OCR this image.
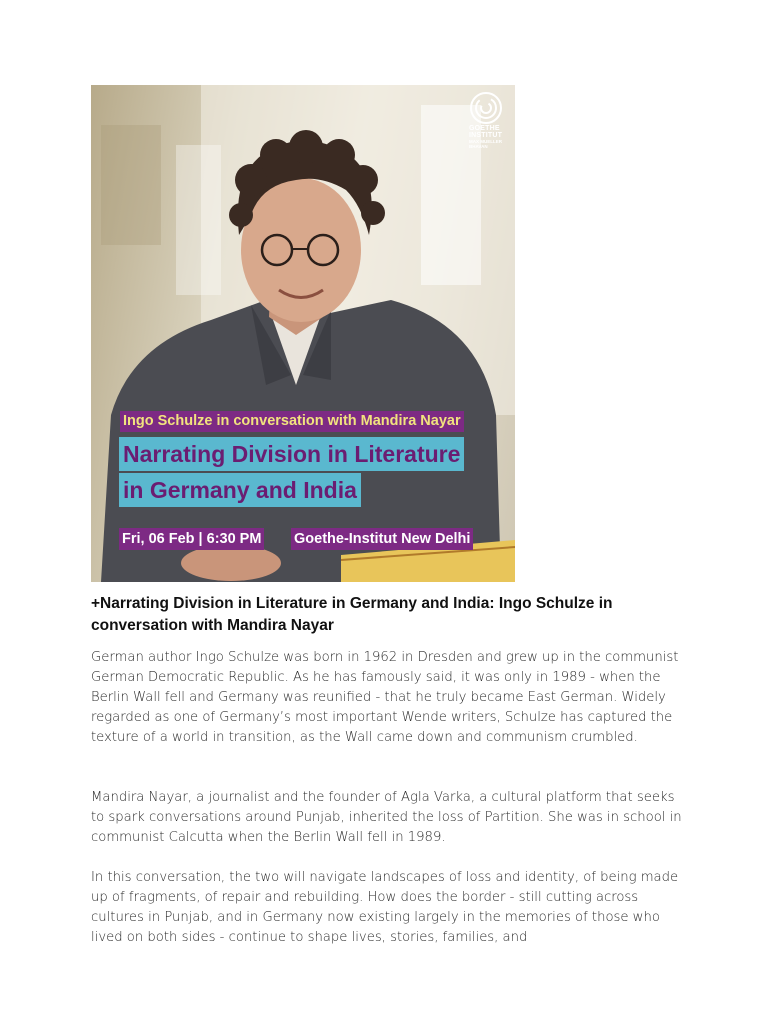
GOETHE
INSTITUT
MAX MUELLER
BHAVAN
Ingo Schulze in conversation with Mandira Nayar
Narrating Division in Literature
in Germany and India
Fri, 06 Feb | 6:30 PM Goethe-Institut New Delhi
+Narrating Division in Literature in Germany and India: Ingo Schulze in conversation with Mandira Nayar

German author Ingo Schulze was born in 1962 in Dresden and grew up in the communist German Democratic Republic. As he has famously said, it was only in 1989 - when the Berlin Wall fell and Germany was reunified - that he truly became East German. Widely regarded as one of Germany’s most important Wende writers, Schulze has captured the texture of a world in transition, as the Wall came down and communism crumbled.

Mandira Nayar, a journalist and the founder of Agla Varka, a cultural platform that seeks to spark conversations around Punjab, inherited the loss of Partition. She was in school in communist Calcutta when the Berlin Wall fell in 1989.

In this conversation, the two will navigate landscapes of loss and identity, of being made up of fragments, of repair and rebuilding. How does the border - still cutting across cultures in Punjab, and in Germany now existing largely in the memories of those who lived on both sides - continue to shape lives, stories, families, and
